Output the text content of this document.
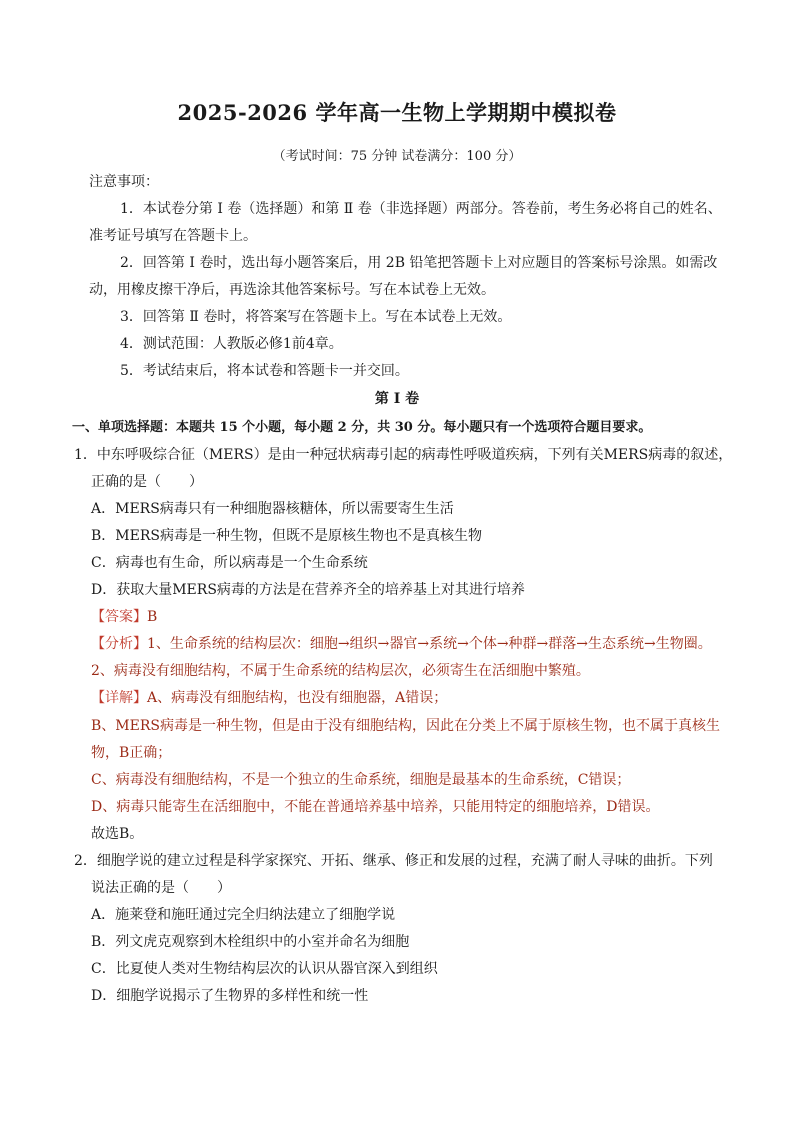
2025-2026 学年高一生物上学期期中模拟卷
（考试时间：75 分钟 试卷满分：100 分）
注意事项：
1．本试卷分第 Ⅰ 卷（选择题）和第 Ⅱ 卷（非选择题）两部分。答卷前，考生务必将自己的姓名、
准考证号填写在答题卡上。
2．回答第 Ⅰ 卷时，选出每小题答案后，用 2B 铅笔把答题卡上对应题目的答案标号涂黑。如需改
动，用橡皮擦干净后，再选涂其他答案标号。写在本试卷上无效。
3．回答第 Ⅱ 卷时，将答案写在答题卡上。写在本试卷上无效。
4．测试范围：人教版必修1前4章。
5．考试结束后，将本试卷和答题卡一并交回。
第 Ⅰ 卷
一、单项选择题：本题共 15 个小题，每小题 2 分，共 30 分。每小题只有一个选项符合题目要求。
1．中东呼吸综合征（MERS）是由一种冠状病毒引起的病毒性呼吸道疾病，下列有关MERS病毒的叙述，
正确的是（　　）
A．MERS病毒只有一种细胞器核糖体，所以需要寄生生活
B．MERS病毒是一种生物，但既不是原核生物也不是真核生物
C．病毒也有生命，所以病毒是一个生命系统
D．获取大量MERS病毒的方法是在营养齐全的培养基上对其进行培养
【答案】B
【分析】1、生命系统的结构层次：细胞→组织→器官→系统→个体→种群→群落→生态系统→生物圈。
2、病毒没有细胞结构，不属于生命系统的结构层次，必须寄生在活细胞中繁殖。
【详解】A、病毒没有细胞结构，也没有细胞器，A错误；
B、MERS病毒是一种生物，但是由于没有细胞结构，因此在分类上不属于原核生物，也不属于真核生
物，B正确；
C、病毒没有细胞结构，不是一个独立的生命系统，细胞是最基本的生命系统，C错误；
D、病毒只能寄生在活细胞中，不能在普通培养基中培养，只能用特定的细胞培养，D错误。
故选B。
2．细胞学说的建立过程是科学家探究、开拓、继承、修正和发展的过程，充满了耐人寻味的曲折。下列
说法正确的是（　　）
A．施莱登和施旺通过完全归纳法建立了细胞学说
B．列文虎克观察到木栓组织中的小室并命名为细胞
C．比夏使人类对生物结构层次的认识从器官深入到组织
D．细胞学说揭示了生物界的多样性和统一性
